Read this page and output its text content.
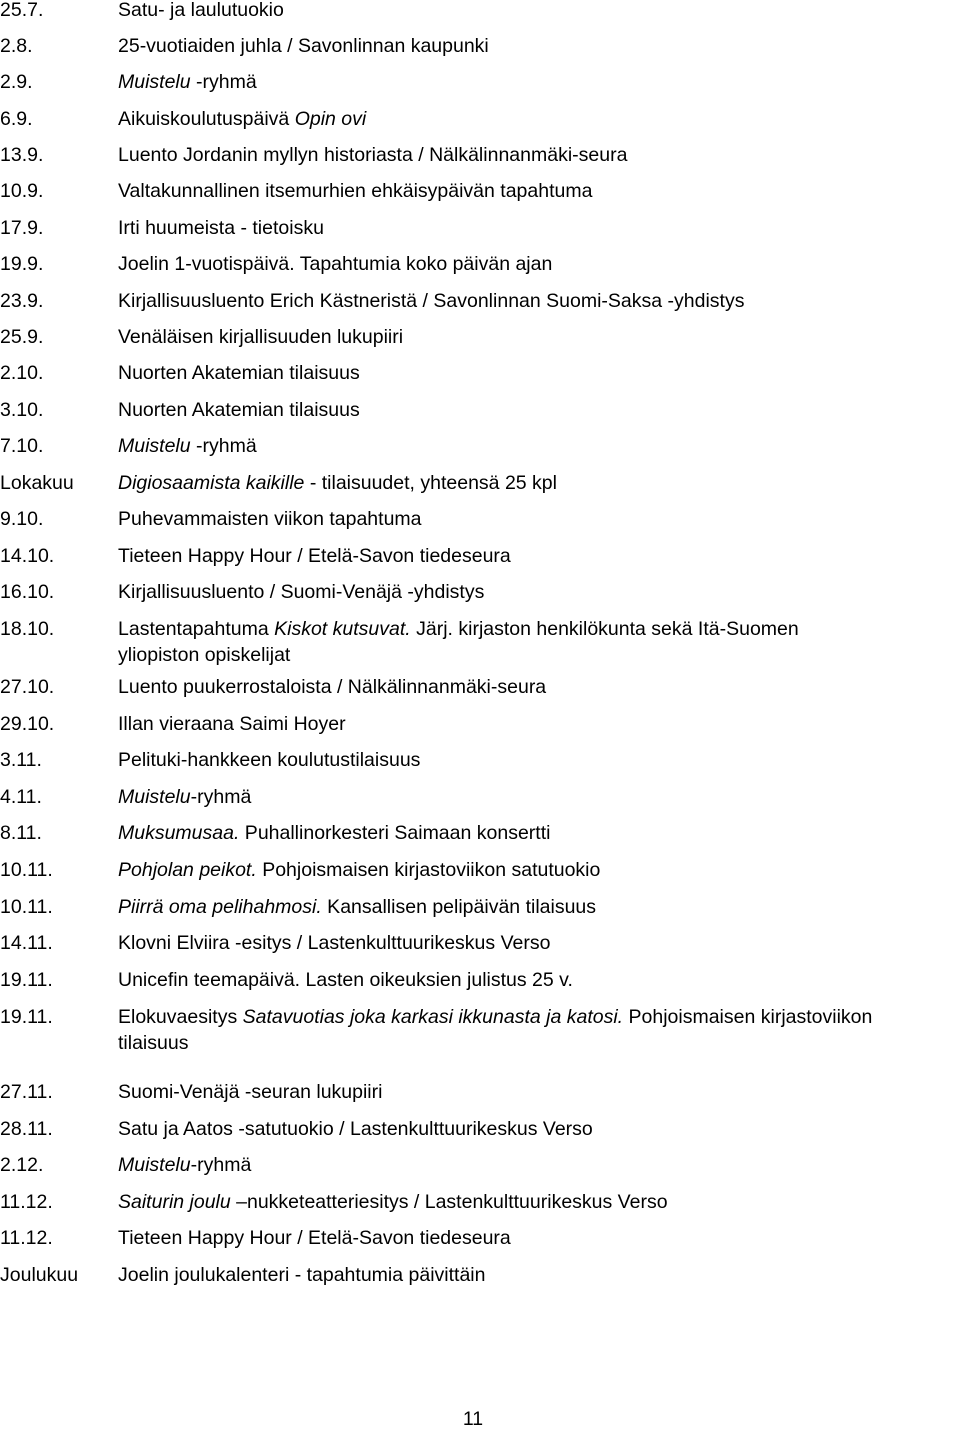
25.7.	Satu- ja laulutuokio
2.8.	25-vuotiaiden juhla / Savonlinnan kaupunki
2.9.	Muistelu -ryhmä
6.9.	Aikuiskoulutuspäivä Opin ovi
13.9.	Luento Jordanin myllyn historiasta / Nälkälinnanmäki-seura
10.9.	Valtakunnallinen itsemurhien ehkäisypäivän tapahtuma
17.9.	Irti huumeista - tietoisku
19.9.	Joelin 1-vuotispäivä. Tapahtumia koko päivän ajan
23.9.	Kirjallisuusluento Erich Kästneristä / Savonlinnan Suomi-Saksa -yhdistys
25.9.	Venäläisen kirjallisuuden lukupiiri
2.10.	Nuorten Akatemian tilaisuus
3.10.	Nuorten Akatemian tilaisuus
7.10.	Muistelu -ryhmä
Lokakuu Digiosaamista kaikille - tilaisuudet, yhteensä 25 kpl
9.10.	Puhevammaisten viikon tapahtuma
14.10.	Tieteen Happy Hour / Etelä-Savon tiedeseura
16.10.	Kirjallisuusluento / Suomi-Venäjä -yhdistys
18.10.	Lastentapahtuma Kiskot kutsuvat. Järj. kirjaston henkilökunta sekä Itä-Suomen
yliopiston opiskelijat
27.10.	Luento puukerrostaloista / Nälkälinnanmäki-seura
29.10.	Illan vieraana Saimi Hoyer
3.11.	Pelituki-hankkeen koulutustilaisuus
4.11.	Muistelu-ryhmä
8.11.	Muksumusaa. Puhallinorkesteri Saimaan konsertti
10.11.	Pohjolan peikot. Pohjoismaisen kirjastoviikon satutuokio
10.11.	Piirrä oma pelihahmosi. Kansallisen pelipäivän tilaisuus
14.11.	Klovni Elviira -esitys / Lastenkulttuurikeskus Verso
19.11.	Unicefin teemapäivä. Lasten oikeuksien julistus 25 v.
19.11.	Elokuvaesitys Satavuotias joka karkasi ikkunasta ja katosi. Pohjoismaisen kirjastoviikon
tilaisuus
27.11.	Suomi-Venäjä -seuran lukupiiri
28.11.	Satu ja Aatos -satutuokio / Lastenkulttuurikeskus Verso
2.12.	Muistelu-ryhmä
11.12.	Saiturin joulu –nukketeatteriesitys / Lastenkulttuurikeskus Verso
11.12.	Tieteen Happy Hour / Etelä-Savon tiedeseura
Joulukuu Joelin joulukalenteri - tapahtumia päivittäin
11
